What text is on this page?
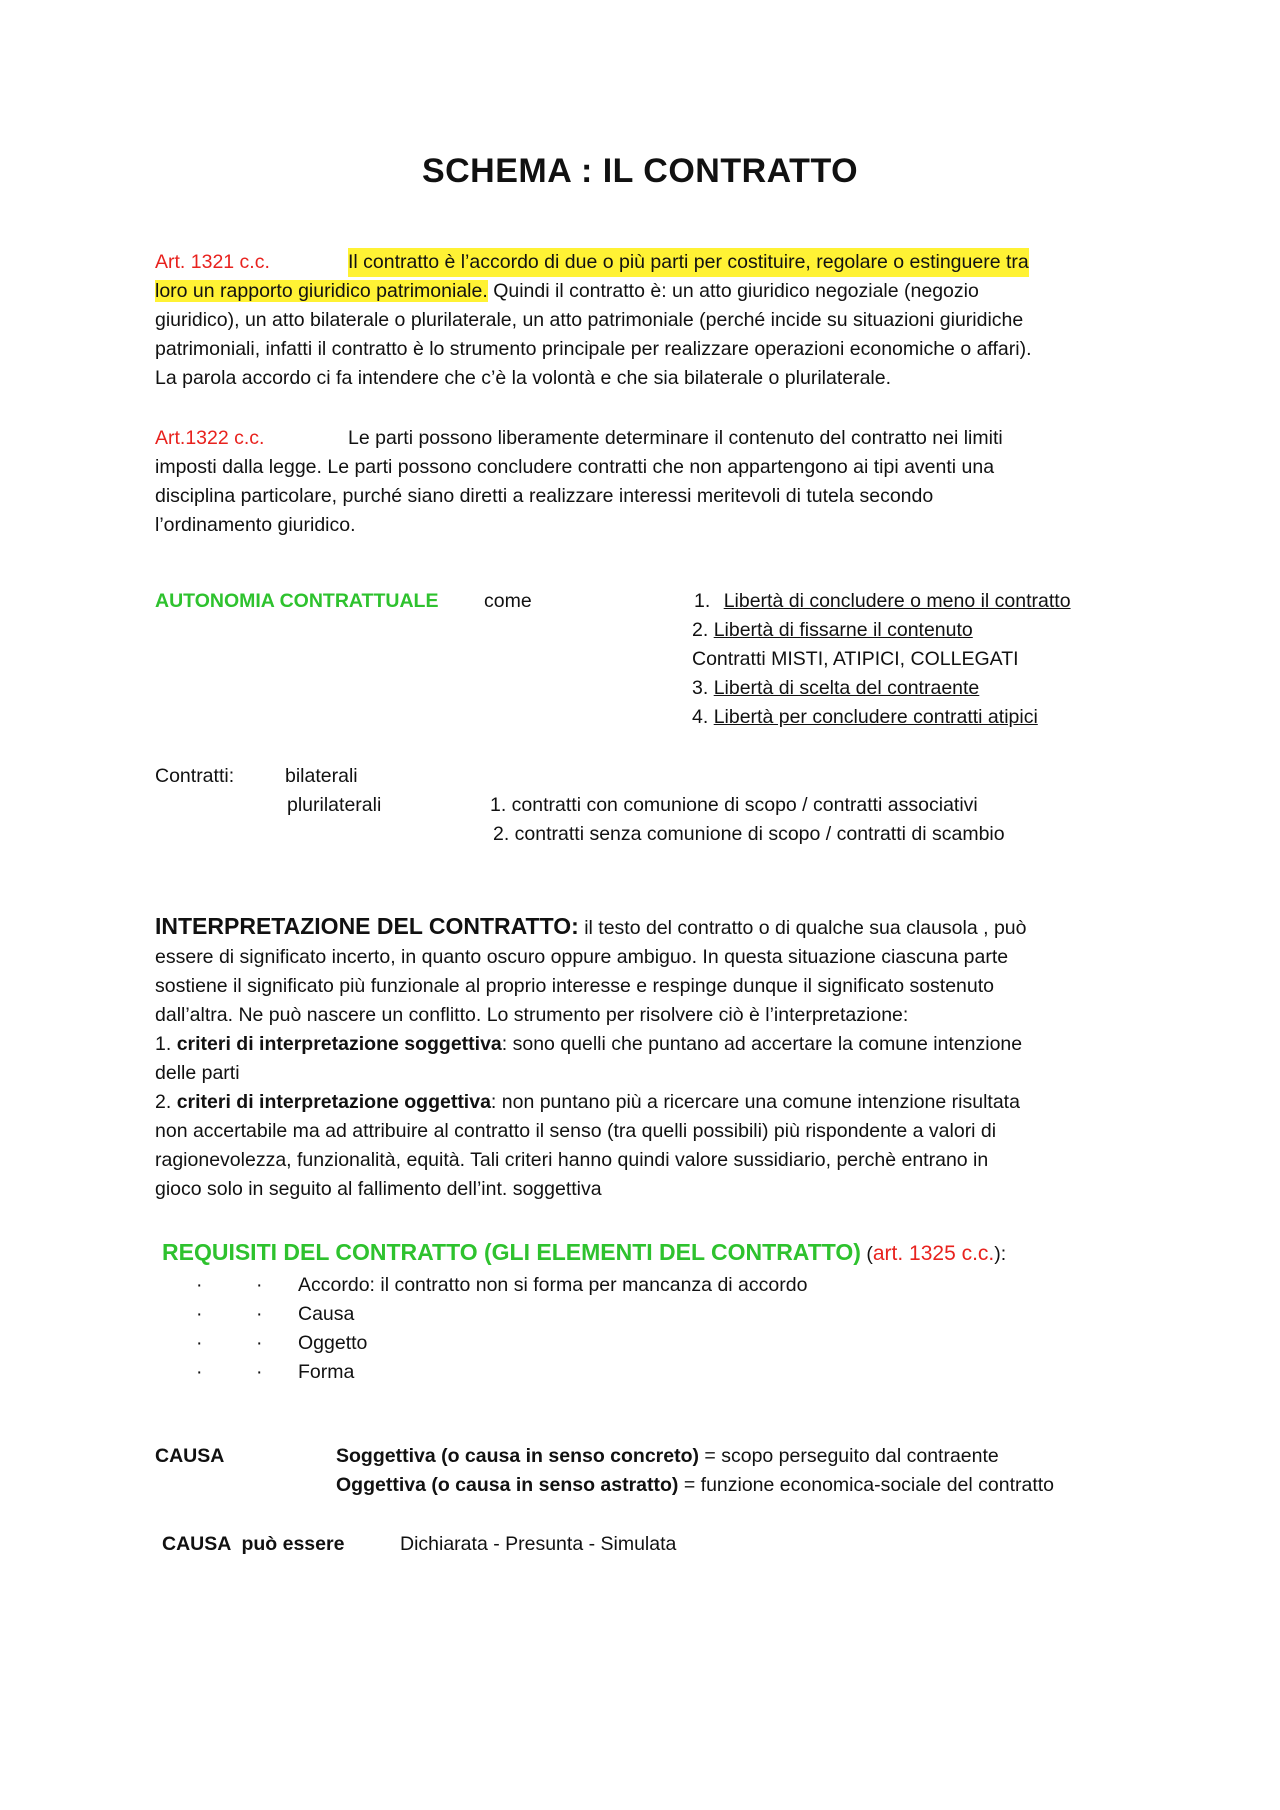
SCHEMA : IL CONTRATTO
Art. 1321 c.c.	Il contratto è l’accordo di due o più parti per costituire, regolare o estinguere tra
loro un rapporto giuridico patrimoniale. Quindi il contratto è: un atto giuridico negoziale (negozio
giuridico), un atto bilaterale o plurilaterale, un atto patrimoniale (perché incide su situazioni giuridiche
patrimoniali, infatti il contratto è lo strumento principale per realizzare operazioni economiche o affari).
La parola accordo ci fa intendere che c’è la volontà e che sia bilaterale o plurilaterale.
Art.1322 c.c.	Le parti possono liberamente determinare il contenuto del contratto nei limiti
imposti dalla legge. Le parti possono concludere contratti che non appartengono ai tipi aventi una
disciplina particolare, purché siano diretti a realizzare interessi meritevoli di tutela secondo
l’ordinamento giuridico.
AUTONOMIA CONTRATTUALE come	1. Libertà di concludere o meno il contratto
2. Libertà di fissarne il contenuto
Contratti MISTI, ATIPICI, COLLEGATI
3. Libertà di scelta del contraente
4. Libertà per concludere contratti atipici
Contratti:	bilaterali
plurilaterali	1. contratti con comunione di scopo / contratti associativi
2. contratti senza comunione di scopo / contratti di scambio
INTERPRETAZIONE DEL CONTRATTO: il testo del contratto o di qualche sua clausola , può
essere di significato incerto, in quanto oscuro oppure ambiguo. In questa situazione ciascuna parte
sostiene il significato più funzionale al proprio interesse e respinge dunque il significato sostenuto
dall’altra. Ne può nascere un conflitto. Lo strumento per risolvere ciò è l’interpretazione:
1. criteri di interpretazione soggettiva: sono quelli che puntano ad accertare la comune intenzione
delle parti
2. criteri di interpretazione oggettiva: non puntano più a ricercare una comune intenzione risultata
non accertabile ma ad attribuire al contratto il senso (tra quelli possibili) più rispondente a valori di
ragionevolezza, funzionalità, equità. Tali criteri hanno quindi valore sussidiario, perchè entrano in
gioco solo in seguito al fallimento dell’int. soggettiva
REQUISITI DEL CONTRATTO (GLI ELEMENTI DEL CONTRATTO) (art. 1325 c.c.):
·	· Accordo: il contratto non si forma per mancanza di accordo
·	· Causa
·	· Oggetto
·	· Forma
CAUSA	Soggettiva (o causa in senso concreto) = scopo perseguito dal contraente
Oggettiva (o causa in senso astratto) = funzione economica-sociale del contratto
CAUSA  può essere	Dichiarata - Presunta - Simulata
